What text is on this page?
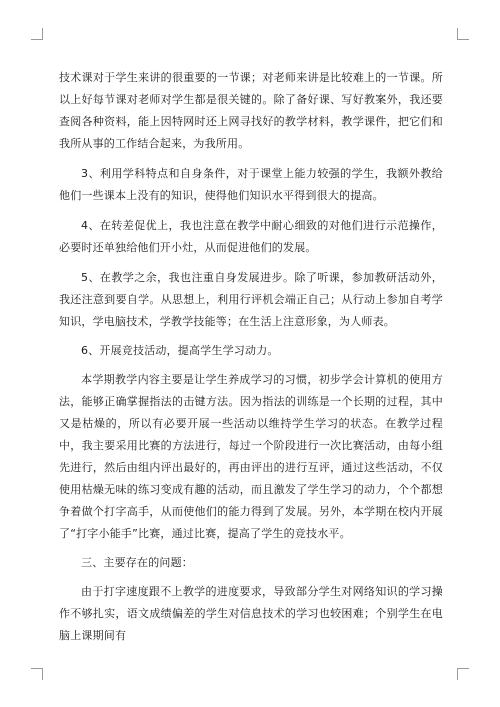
技术课对于学生来讲的很重要的一节课；对老师来讲是比较难上的一节课。所以上好每节课对老师对学生都是很关键的。除了备好课、写好教案外，我还要查阅各种资料，能上因特网时还上网寻找好的教学材料，教学课件，把它们和我所从事的工作结合起来，为我所用。

3、利用学科特点和自身条件，对于课堂上能力较强的学生，我额外教给他们一些课本上没有的知识，使得他们知识水平得到很大的提高。

4、在转差促优上，我也注意在教学中耐心细致的对他们进行示范操作，必要时还单独给他们开小灶，从而促进他们的发展。

5、在教学之余，我也注重自身发展进步。除了听课，参加教研活动外，我还注意到要自学。从思想上，利用行评机会端正自己；从行动上参加自考学知识，学电脑技术，学教学技能等；在生活上注意形象，为人师表。

6、开展竞技活动，提高学生学习动力。

本学期教学内容主要是让学生养成学习的习惯，初步学会计算机的使用方法，能够正确掌握指法的击键方法。因为指法的训练是一个长期的过程，其中又是枯燥的，所以有必要开展一些活动以维持学生学习的状态。在教学过程中，我主要采用比赛的方法进行，每过一个阶段进行一次比赛活动，由每小组先进行，然后由组内评出最好的，再由评出的进行互评，通过这些活动，不仅使用枯燥无味的练习变成有趣的活动，而且激发了学生学习的动力，个个都想争着做个打字高手，从而使他们的能力得到了发展。另外，本学期在校内开展了“打字小能手”比赛，通过比赛，提高了学生的竞技水平。

三、主要存在的问题：

由于打字速度跟不上教学的进度要求，导致部分学生对网络知识的学习操作不够扎实，语文成绩偏差的学生对信息技术的学习也较困难；个别学生在电脑上课期间有
